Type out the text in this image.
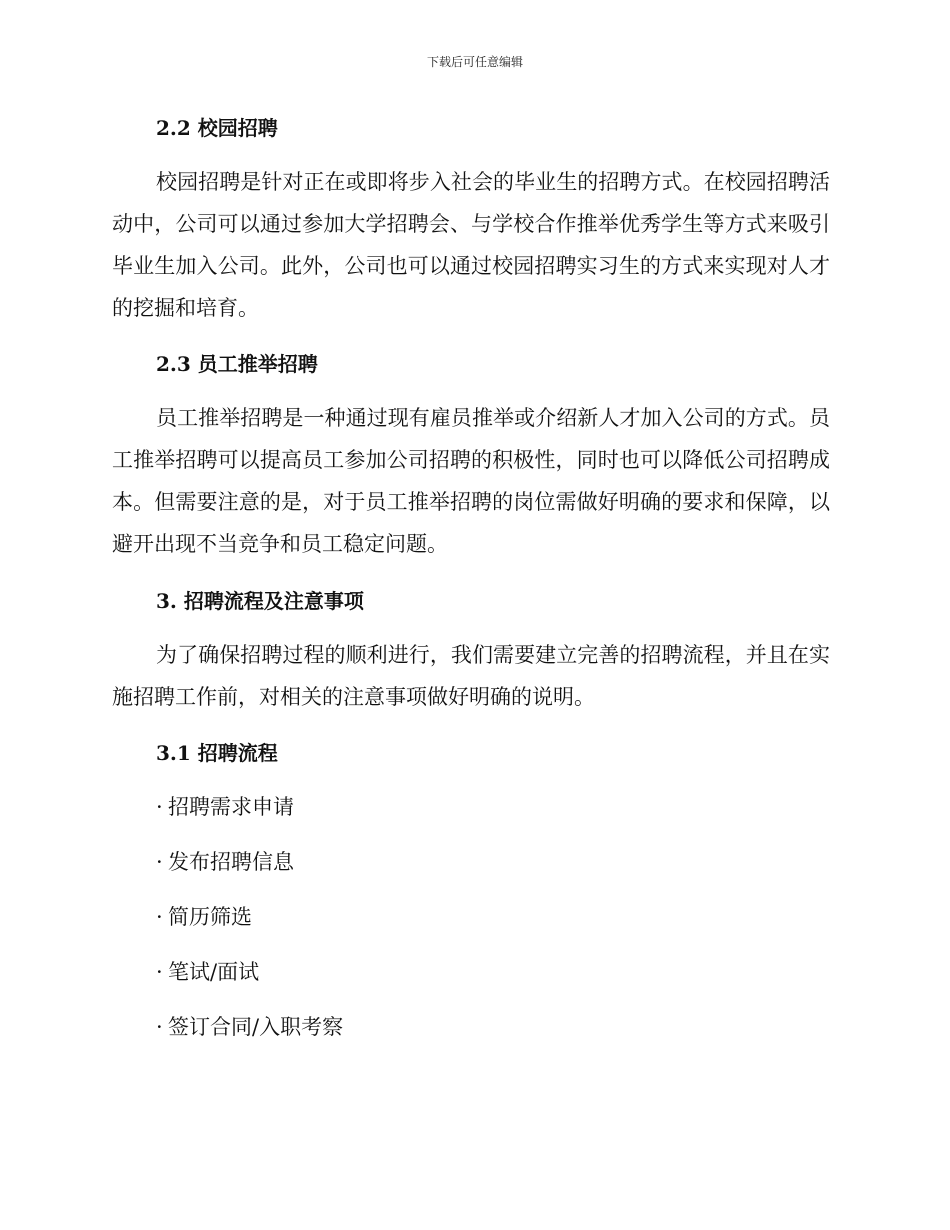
下载后可任意编辑
2.2 校园招聘

校园招聘是针对正在或即将步入社会的毕业生的招聘方式。在校园招聘活动中，公司可以通过参加大学招聘会、与学校合作推举优秀学生等方式来吸引毕业生加入公司。此外，公司也可以通过校园招聘实习生的方式来实现对人才的挖掘和培育。

2.3 员工推举招聘

员工推举招聘是一种通过现有雇员推举或介绍新人才加入公司的方式。员工推举招聘可以提高员工参加公司招聘的积极性，同时也可以降低公司招聘成本。但需要注意的是，对于员工推举招聘的岗位需做好明确的要求和保障，以避开出现不当竞争和员工稳定问题。

3. 招聘流程及注意事项

为了确保招聘过程的顺利进行，我们需要建立完善的招聘流程，并且在实施招聘工作前，对相关的注意事项做好明确的说明。

3.1 招聘流程

· 招聘需求申请

· 发布招聘信息

· 简历筛选

· 笔试/面试

· 签订合同/入职考察
